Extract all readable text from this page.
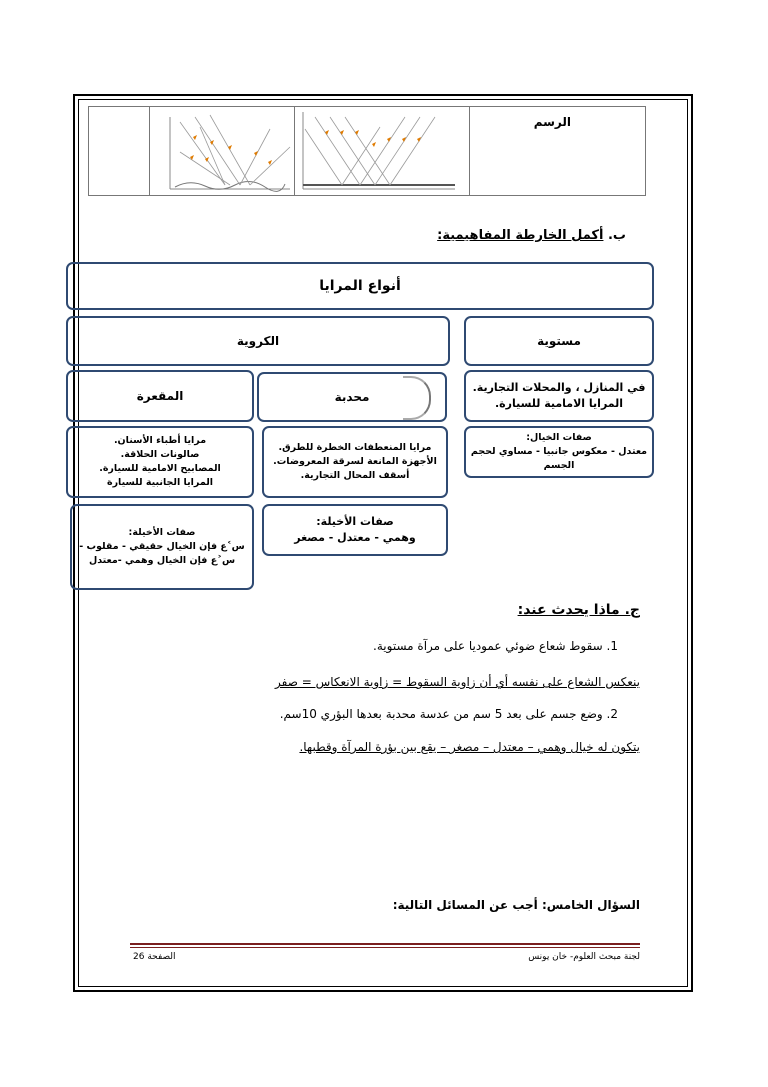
الرسم
ب. أكمل الخارطة المفاهيمية:
أنواع المرايا
مستوية
الكروية
في المنازل ، والمحلات التجارية.
المرايا الامامية للسيارة.
محدبة
المقعرة
صفات الخيال:
معتدل - معكوس جانبيا - مساوي لحجم الجسم
مرايا المنعطفات الخطرة للطرق.
الأجهزة المانعة لسرقة المعروضات.
أسقف المحال التجارية.
مرايا أطباء الأسنان.
صالونات الحلاقة.
المصابيح الامامية للسيارة.
المرايا الجانبية للسيارة
صفات الأخيلة:
وهمي - معتدل - مصغر
صفات الأخيلة:
س˂ع فإن الخيال حقيقي - مقلوب -
س˃ع فإن الخيال وهمي -معتدل
ج. ماذا يحدث عند:
1. سقوط شعاع ضوئي عموديا على مرآة مستوية.
ينعكس الشعاع على نفسه أي أن زاوية السقوط = زاوية الانعكاس = صفر
2. وضع جسم على بعد 5 سم من عدسة محدبة بعدها البؤري 10سم.
يتكون له خيال وهمي – معتدل – مصغر – يقع بين بؤرة المرآة وقطبها.
السؤال الخامس: أجب عن المسائل التالية:
لجنة مبحث العلوم- خان يونس
الصفحة 26
